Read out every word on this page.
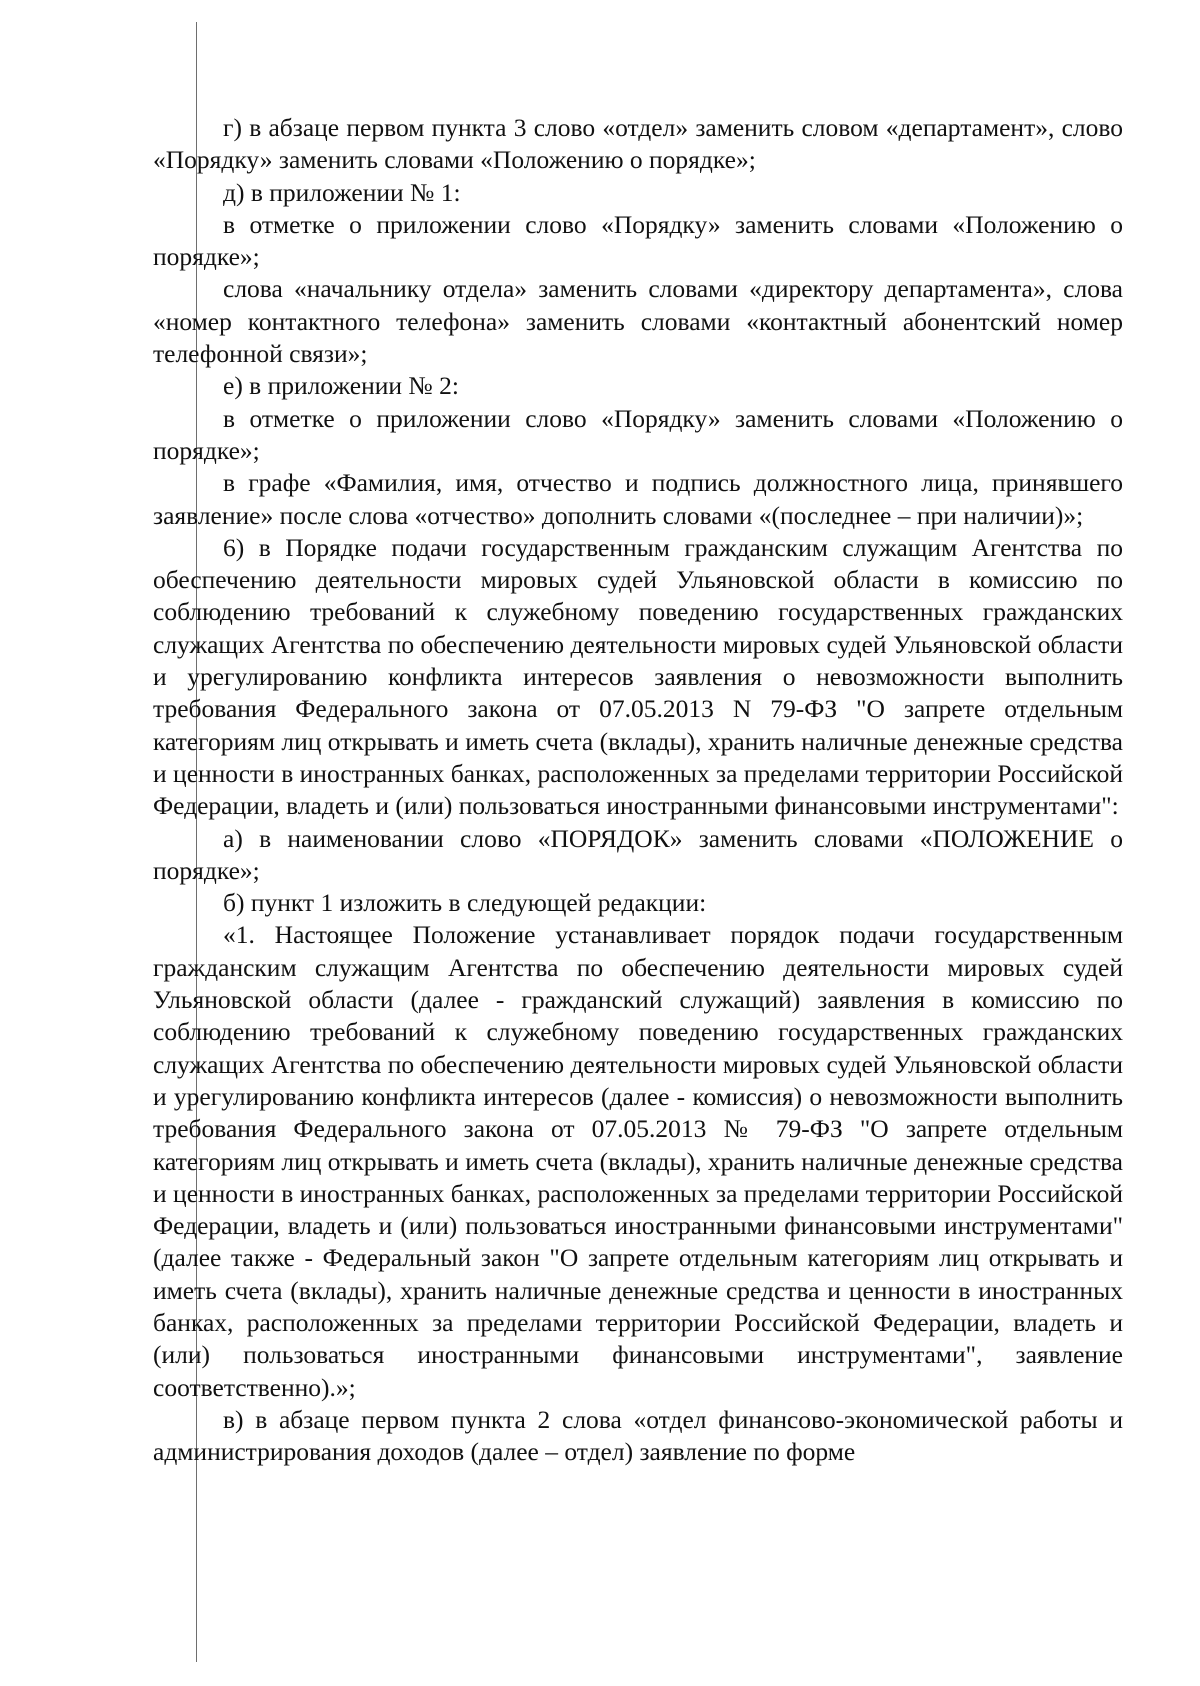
г) в абзаце первом пункта 3 слово «отдел» заменить словом «департамент», слово «Порядку» заменить словами «Положению о порядке»;

д) в приложении № 1:

в отметке о приложении слово «Порядку» заменить словами «Положению о порядке»;

слова «начальнику отдела» заменить словами «директору департамента», слова «номер контактного телефона» заменить словами «контактный абонентский номер телефонной связи»;

е) в приложении № 2:

в отметке о приложении слово «Порядку» заменить словами «Положению о порядке»;

в графе «Фамилия, имя, отчество и подпись должностного лица, принявшего заявление» после слова «отчество» дополнить словами «(последнее – при наличии)»;

6) в Порядке подачи государственным гражданским служащим Агентства по обеспечению деятельности мировых судей Ульяновской области в комиссию по соблюдению требований к служебному поведению государственных гражданских служащих Агентства по обеспечению деятельности мировых судей Ульяновской области и урегулированию конфликта интересов заявления о невозможности выполнить требования Федерального закона от 07.05.2013 N 79-ФЗ "О запрете отдельным категориям лиц открывать и иметь счета (вклады), хранить наличные денежные средства и ценности в иностранных банках, расположенных за пределами территории Российской Федерации, владеть и (или) пользоваться иностранными финансовыми инструментами":

а) в наименовании слово «ПОРЯДОК» заменить словами «ПОЛОЖЕНИЕ о порядке»;

б) пункт 1 изложить в следующей редакции:

«1. Настоящее Положение устанавливает порядок подачи государственным гражданским служащим Агентства по обеспечению деятельности мировых судей Ульяновской области (далее - гражданский служащий) заявления в комиссию по соблюдению требований к служебному поведению государственных гражданских служащих Агентства по обеспечению деятельности мировых судей Ульяновской области и урегулированию конфликта интересов (далее - комиссия) о невозможности выполнить требования Федерального закона от 07.05.2013 № 79-ФЗ "О запрете отдельным категориям лиц открывать и иметь счета (вклады), хранить наличные денежные средства и ценности в иностранных банках, расположенных за пределами территории Российской Федерации, владеть и (или) пользоваться иностранными финансовыми инструментами" (далее также - Федеральный закон "О запрете отдельным категориям лиц открывать и иметь счета (вклады), хранить наличные денежные средства и ценности в иностранных банках, расположенных за пределами территории Российской Федерации, владеть и (или) пользоваться иностранными финансовыми инструментами", заявление соответственно).»;

в) в абзаце первом пункта 2 слова «отдел финансово-экономической работы и администрирования доходов (далее – отдел) заявление по форме
